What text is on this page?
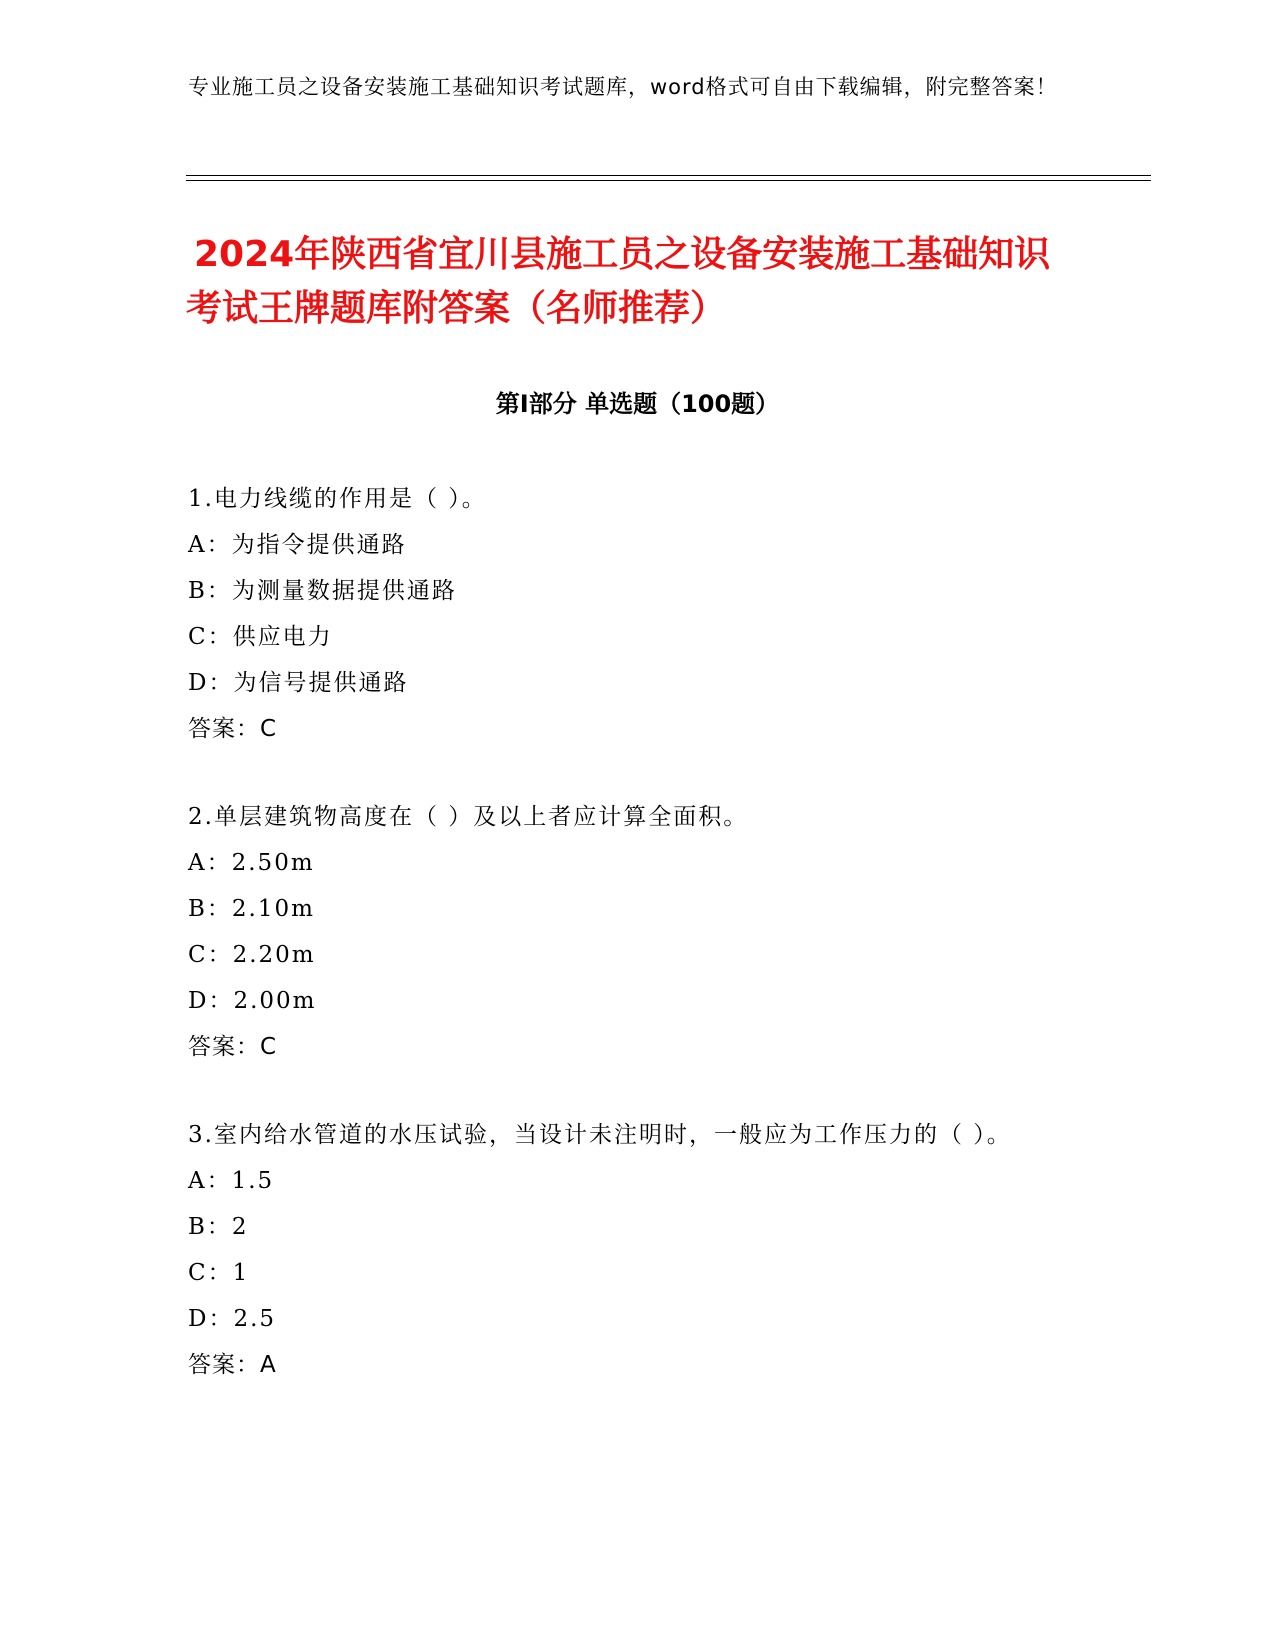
专业施工员之设备安装施工基础知识考试题库，word格式可自由下载编辑，附完整答案！
2024年陕西省宜川县施工员之设备安装施工基础知识考试王牌题库附答案（名师推荐）
第Ⅰ部分 单选题（100题）
1.电力线缆的作用是（ ）。
A：为指令提供通路
B：为测量数据提供通路
C：供应电力
D：为信号提供通路
答案：C
2.单层建筑物高度在（ ）及以上者应计算全面积。
A：2.50m
B：2.10m
C：2.20m
D：2.00m
答案：C
3.室内给水管道的水压试验，当设计未注明时，一般应为工作压力的（ ）。
A：1.5
B：2
C：1
D：2.5
答案：A
